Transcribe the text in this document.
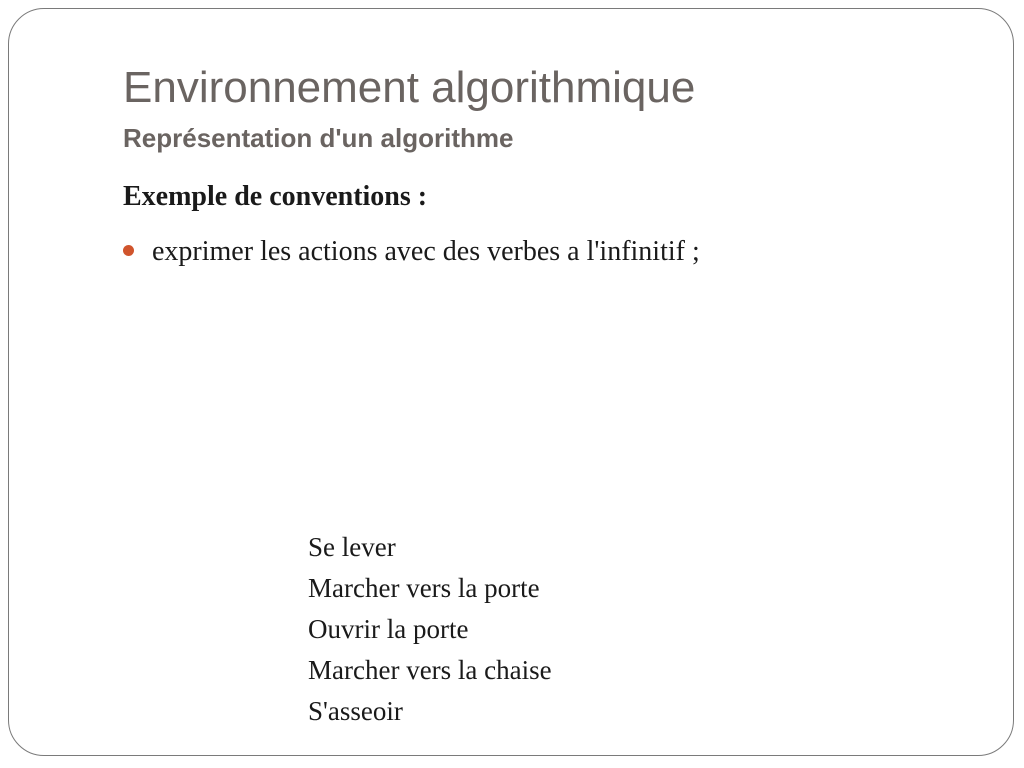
Environnement algorithmique
Représentation d'un algorithme

Exemple de conventions :

exprimer les actions avec des verbes a l'infinitif ;
Se lever
Marcher vers la porte
Ouvrir la porte
Marcher vers la chaise
S'asseoir
